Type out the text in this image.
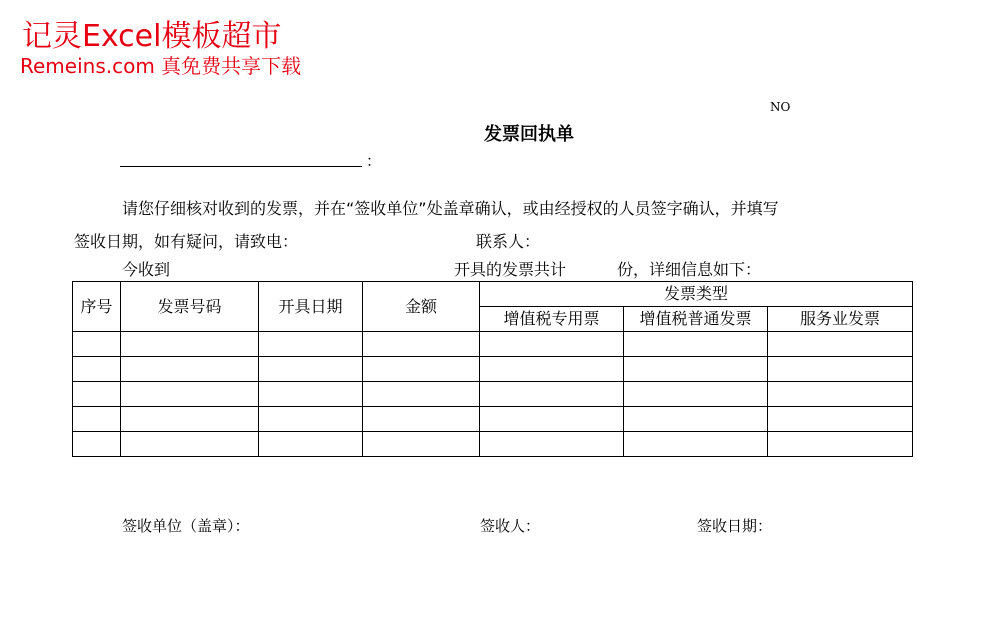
记灵Excel模板超市
Remeins.com 真免费共享下载
NO
发票回执单
：
请您仔细核对收到的发票，并在“签收单位”处盖章确认，或由经授权的人员签字确认，并填写
签收日期，如有疑问，请致电：	联系人：
今收到	开具的发票共计	份，详细信息如下：
序号	发票号码	开具日期	金额	发票类型		
				增值税专用票	增值税普通发票	服务业发票

签收单位（盖章）：	签收人：	签收日期：
